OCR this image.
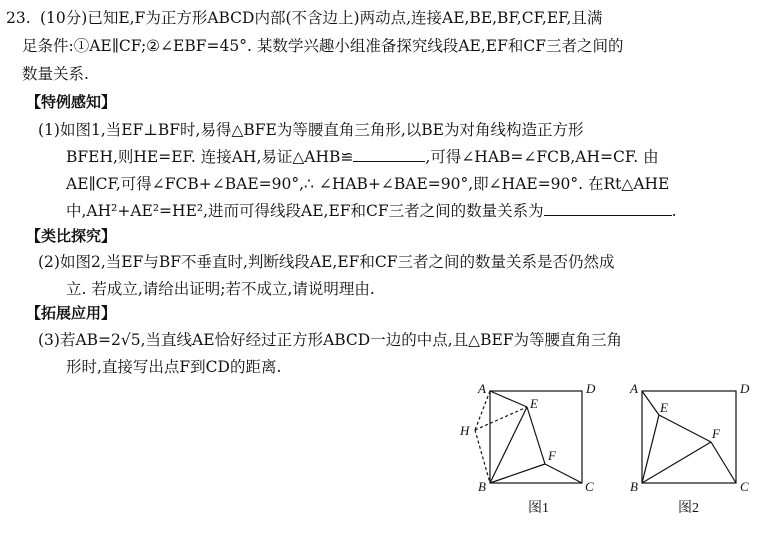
23. (10分)已知E,F为正方形ABCD内部(不含边上)两动点,连接AE,BE,BF,CF,EF,且满
足条件:①AE∥CF;②∠EBF=45°. 某数学兴趣小组准备探究线段AE,EF和CF三者之间的
数量关系.
【特例感知】
(1)如图1,当EF⊥BF时,易得△BFE为等腰直角三角形,以BE为对角线构造正方形
BFEH,则HE=EF. 连接AH,易证△AHB≌	,可得∠HAB=∠FCB,AH=CF. 由
AE∥CF,可得∠FCB+∠BAE=90°,∴ ∠HAB+∠BAE=90°,即∠HAE=90°. 在Rt△AHE
中,AH²+AE²=HE²,进而可得线段AE,EF和CF三者之间的数量关系为	.
【类比探究】
(2)如图2,当EF与BF不垂直时,判断线段AE,EF和CF三者之间的数量关系是否仍然成
立. 若成立,请给出证明;若不成立,请说明理由.
【拓展应用】
(3)若AB=2√5,当直线AE恰好经过正方形ABCD一边的中点,且△BEF为等腰直角三角
形时,直接写出点F到CD的距离.
A	D
E
H
F
B	C
图1
A	D
E
F
B	C
图2
